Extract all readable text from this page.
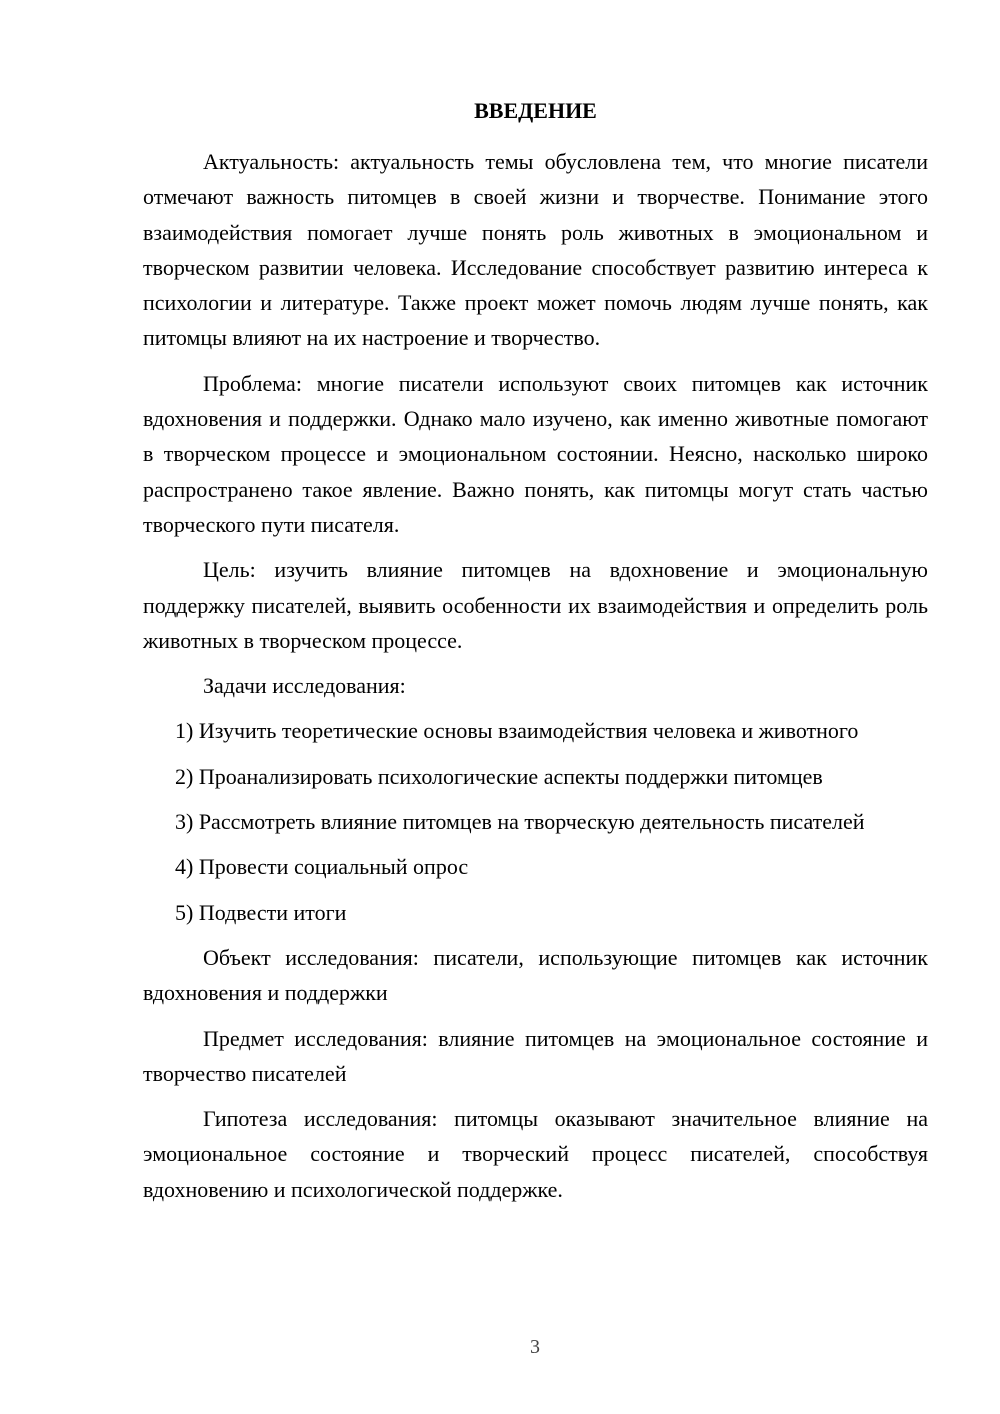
ВВЕДЕНИЕ

Актуальность: актуальность темы обусловлена тем, что многие писатели отмечают важность питомцев в своей жизни и творчестве. Понимание этого взаимодействия помогает лучше понять роль животных в эмоциональном и творческом развитии человека. Исследование способствует развитию интереса к психологии и литературе. Также проект может помочь людям лучше понять, как питомцы влияют на их настроение и творчество.

Проблема: многие писатели используют своих питомцев как источник вдохновения и поддержки. Однако мало изучено, как именно животные помогают в творческом процессе и эмоциональном состоянии. Неясно, насколько широко распространено такое явление. Важно понять, как питомцы могут стать частью творческого пути писателя.

Цель: изучить влияние питомцев на вдохновение и эмоциональную поддержку писателей, выявить особенности их взаимодействия и определить роль животных в творческом процессе.

Задачи исследования:

1) Изучить теоретические основы взаимодействия человека и животного

2) Проанализировать психологические аспекты поддержки питомцев

3) Рассмотреть влияние питомцев на творческую деятельность писателей

4) Провести социальный опрос

5) Подвести итоги

Объект исследования: писатели, использующие питомцев как источник вдохновения и поддержки

Предмет исследования: влияние питомцев на эмоциональное состояние и творчество писателей

Гипотеза исследования: питомцы оказывают значительное влияние на эмоциональное состояние и творческий процесс писателей, способствуя вдохновению и психологической поддержке.

3
